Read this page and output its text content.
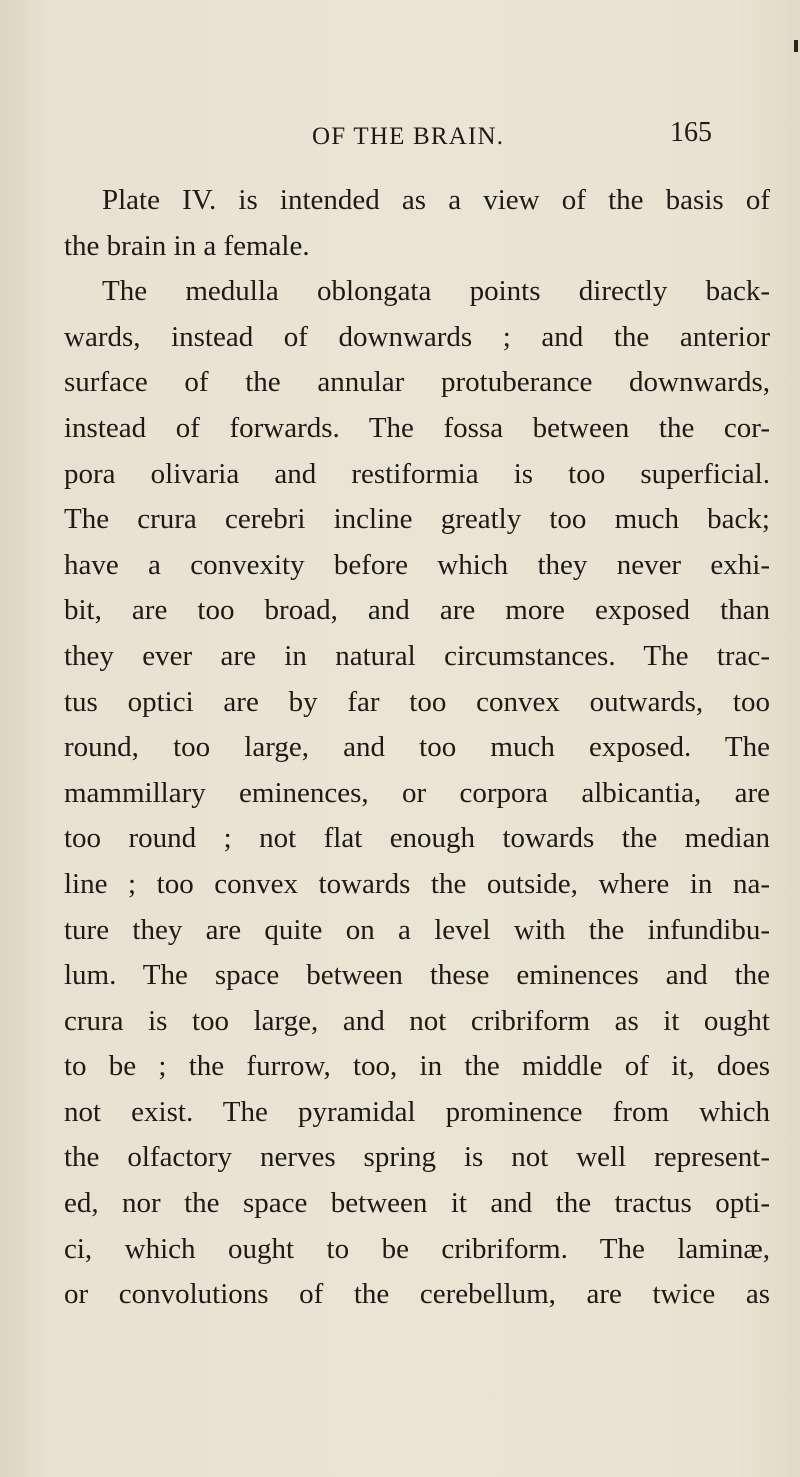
OF THE BRAIN.	165
Plate IV. is intended as a view of the basis of
the brain in a female.
The medulla oblongata points directly back-
wards, instead of downwards ; and the anterior
surface of the annular protuberance downwards,
instead of forwards. The fossa between the cor-
pora olivaria and restiformia is too superficial.
The crura cerebri incline greatly too much back;
have a convexity before which they never exhi-
bit, are too broad, and are more exposed than
they ever are in natural circumstances. The trac-
tus optici are by far too convex outwards, too
round, too large, and too much exposed. The
mammillary eminences, or corpora albicantia, are
too round ; not flat enough towards the median
line ; too convex towards the outside, where in na-
ture they are quite on a level with the infundibu-
lum. The space between these eminences and the
crura is too large, and not cribriform as it ought
to be ; the furrow, too, in the middle of it, does
not exist. The pyramidal prominence from which
the olfactory nerves spring is not well represent-
ed, nor the space between it and the tractus opti-
ci, which ought to be cribriform. The laminæ,
or convolutions of the cerebellum, are twice as
